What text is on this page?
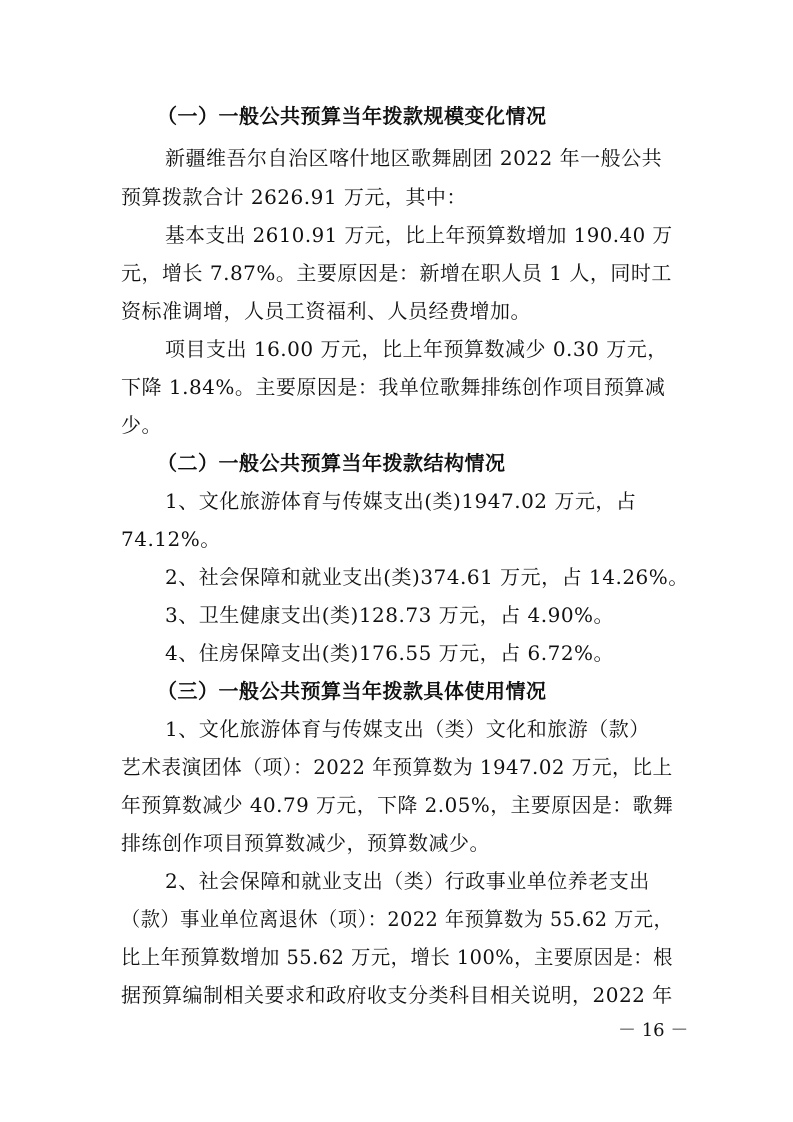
（一）一般公共预算当年拨款规模变化情况
新疆维吾尔自治区喀什地区歌舞剧团 2022 年一般公共
预算拨款合计 2626.91 万元，其中：
基本支出 2610.91 万元，比上年预算数增加 190.40 万
元，增长 7.87%。主要原因是：新增在职人员 1 人，同时工
资标准调增，人员工资福利、人员经费增加。
项目支出 16.00 万元，比上年预算数减少 0.30 万元，
下降 1.84%。主要原因是：我单位歌舞排练创作项目预算减
少。
（二）一般公共预算当年拨款结构情况
1、文化旅游体育与传媒支出(类)1947.02 万元，占
74.12%。
2、社会保障和就业支出(类)374.61 万元，占 14.26%。
3、卫生健康支出(类)128.73 万元，占 4.90%。
4、住房保障支出(类)176.55 万元，占 6.72%。
（三）一般公共预算当年拨款具体使用情况
1、文化旅游体育与传媒支出（类）文化和旅游（款）
艺术表演团体（项）：2022 年预算数为 1947.02 万元，比上
年预算数减少 40.79 万元，下降 2.05%，主要原因是：歌舞
排练创作项目预算数减少，预算数减少。
2、社会保障和就业支出（类）行政事业单位养老支出
（款）事业单位离退休（项）：2022 年预算数为 55.62 万元，
比上年预算数增加 55.62 万元，增长 100%，主要原因是：根
据预算编制相关要求和政府收支分类科目相关说明，2022 年
－ 16 －
